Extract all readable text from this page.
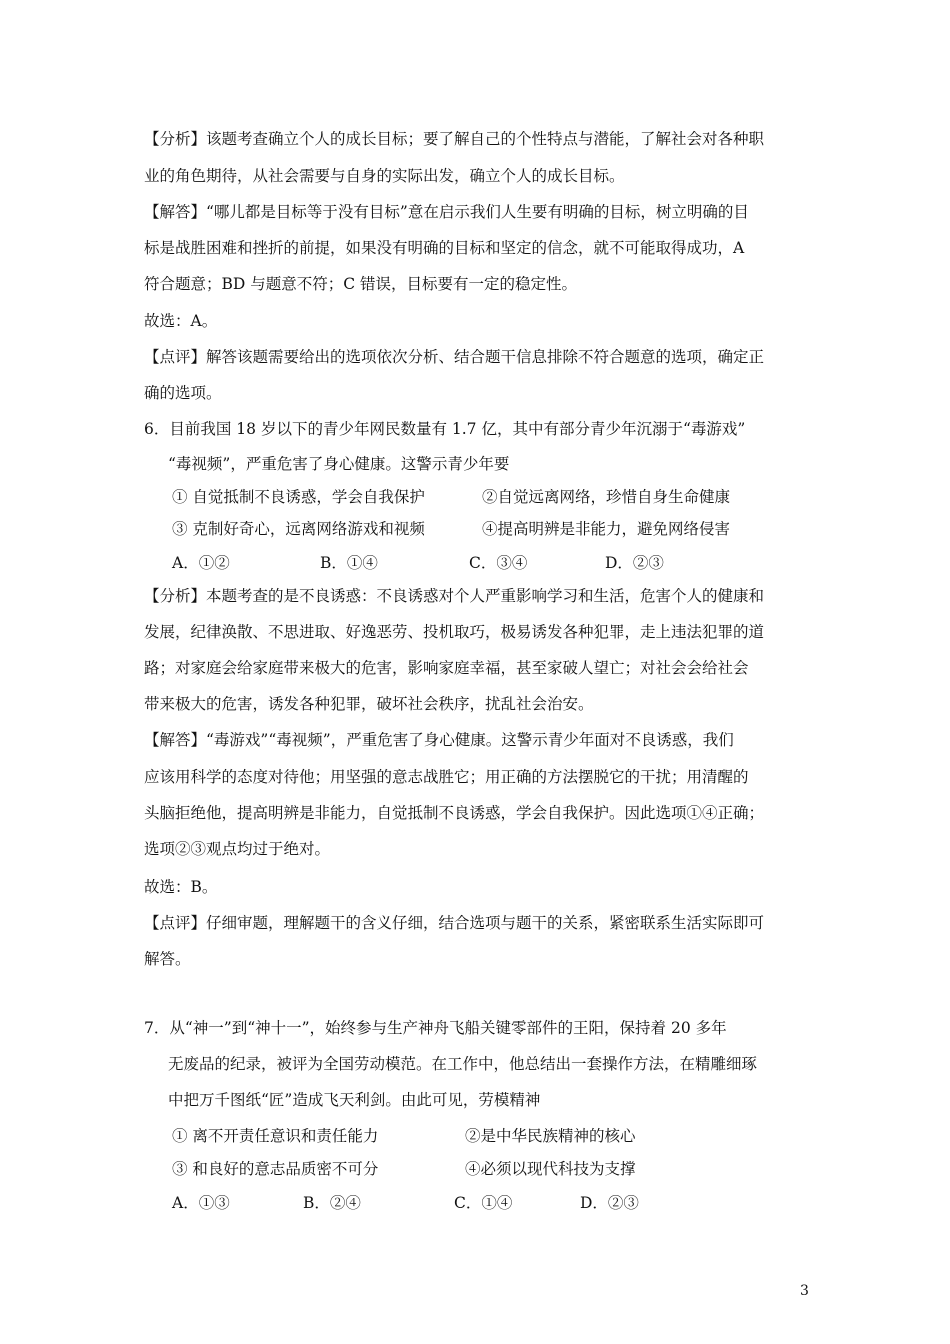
【分析】该题考查确立个人的成长目标；要了解自己的个性特点与潜能，了解社会对各种职
业的角色期待，从社会需要与自身的实际出发，确立个人的成长目标。
【解答】“哪儿都是目标等于没有目标”意在启示我们人生要有明确的目标，树立明确的目
标是战胜困难和挫折的前提，如果没有明确的目标和坚定的信念，就不可能取得成功，A
符合题意；BD 与题意不符；C 错误，目标要有一定的稳定性。
故选：A。
【点评】解答该题需要给出的选项依次分析、结合题干信息排除不符合题意的选项，确定正
确的选项。
6．目前我国 18 岁以下的青少年网民数量有 1.7 亿，其中有部分青少年沉溺于“毒游戏”
“毒视频”，严重危害了身心健康。这警示青少年要
① 自觉抵制不良诱惑，学会自我保护	②自觉远离网络，珍惜自身生命健康
③ 克制好奇心，远离网络游戏和视频	④提高明辨是非能力，避免网络侵害
A．①②	B．①④	C．③④	D．②③
【分析】本题考查的是不良诱惑：不良诱惑对个人严重影响学习和生活，危害个人的健康和
发展，纪律涣散、不思进取、好逸恶劳、投机取巧，极易诱发各种犯罪，走上违法犯罪的道
路；对家庭会给家庭带来极大的危害，影响家庭幸福，甚至家破人望亡；对社会会给社会
带来极大的危害，诱发各种犯罪，破坏社会秩序，扰乱社会治安。
【解答】“毒游戏”“毒视频”，严重危害了身心健康。这警示青少年面对不良诱惑，我们
应该用科学的态度对待他；用坚强的意志战胜它；用正确的方法摆脱它的干扰；用清醒的
头脑拒绝他，提高明辨是非能力，自觉抵制不良诱惑，学会自我保护。因此选项①④正确；
选项②③观点均过于绝对。
故选：B。
【点评】仔细审题，理解题干的含义仔细，结合选项与题干的关系，紧密联系生活实际即可
解答。
7．从“神一”到“神十一”，始终参与生产神舟飞船关键零部件的王阳，保持着 20 多年
无废品的纪录，被评为全国劳动模范。在工作中，他总结出一套操作方法，在精雕细琢
中把万千图纸“匠”造成飞天利剑。由此可见，劳模精神
① 离不开责任意识和责任能力	②是中华民族精神的核心
③ 和良好的意志品质密不可分	④必须以现代科技为支撑
A．①③	B．②④	C．①④	D．②③
3
